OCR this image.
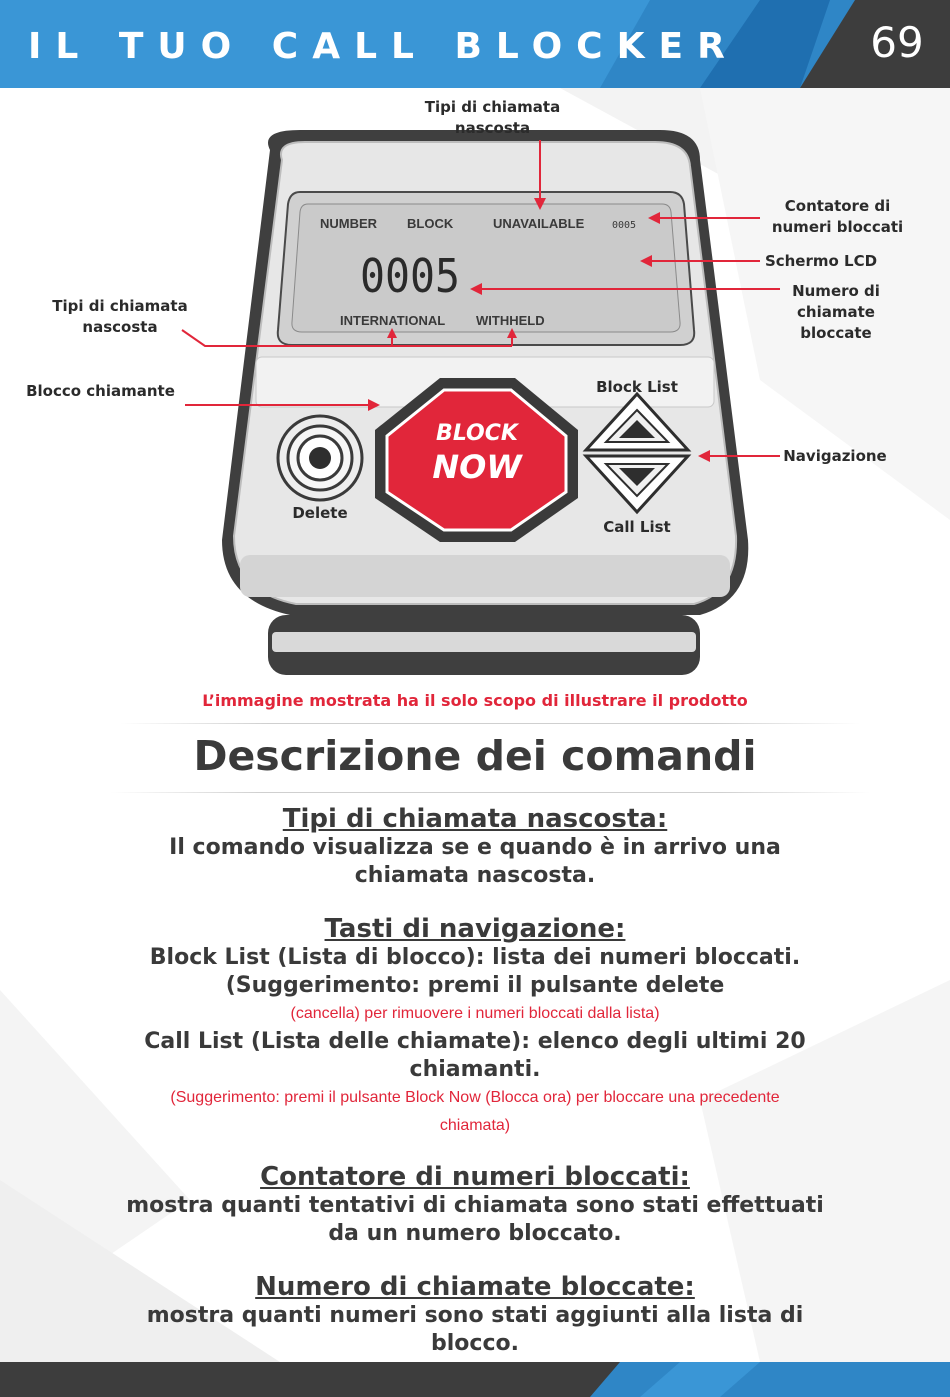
IL TUO CALL BLOCKER	69
NUMBER BLOCK	UNAVAILABLE	0005
0005
INTERNATIONAL WITHHELD
BLOCK
NOW
Block List
Call List
Delete
Tipi di chiamata
nascosta
Contatore di
numeri bloccati
Schermo LCD
Numero di
chiamate
bloccate
Tipi di chiamata
nascosta
Blocco chiamante
Navigazione
L’immagine mostrata ha il solo scopo di illustrare il prodotto
Descrizione dei comandi
Tipi di chiamata nascosta:
Il comando visualizza se e quando è in arrivo una
chiamata nascosta.
Tasti di navigazione:
Block List (Lista di blocco): lista dei numeri bloccati.
(Suggerimento: premi il pulsante delete
(cancella) per rimuovere i numeri bloccati dalla lista)
Call List (Lista delle chiamate): elenco degli ultimi 20
chiamanti.
(Suggerimento: premi il pulsante Block Now (Blocca ora) per bloccare una precedente
chiamata)
Contatore di numeri bloccati:
mostra quanti tentativi di chiamata sono stati effettuati
da un numero bloccato.
Numero di chiamate bloccate:
mostra quanti numeri sono stati aggiunti alla lista di
blocco.
